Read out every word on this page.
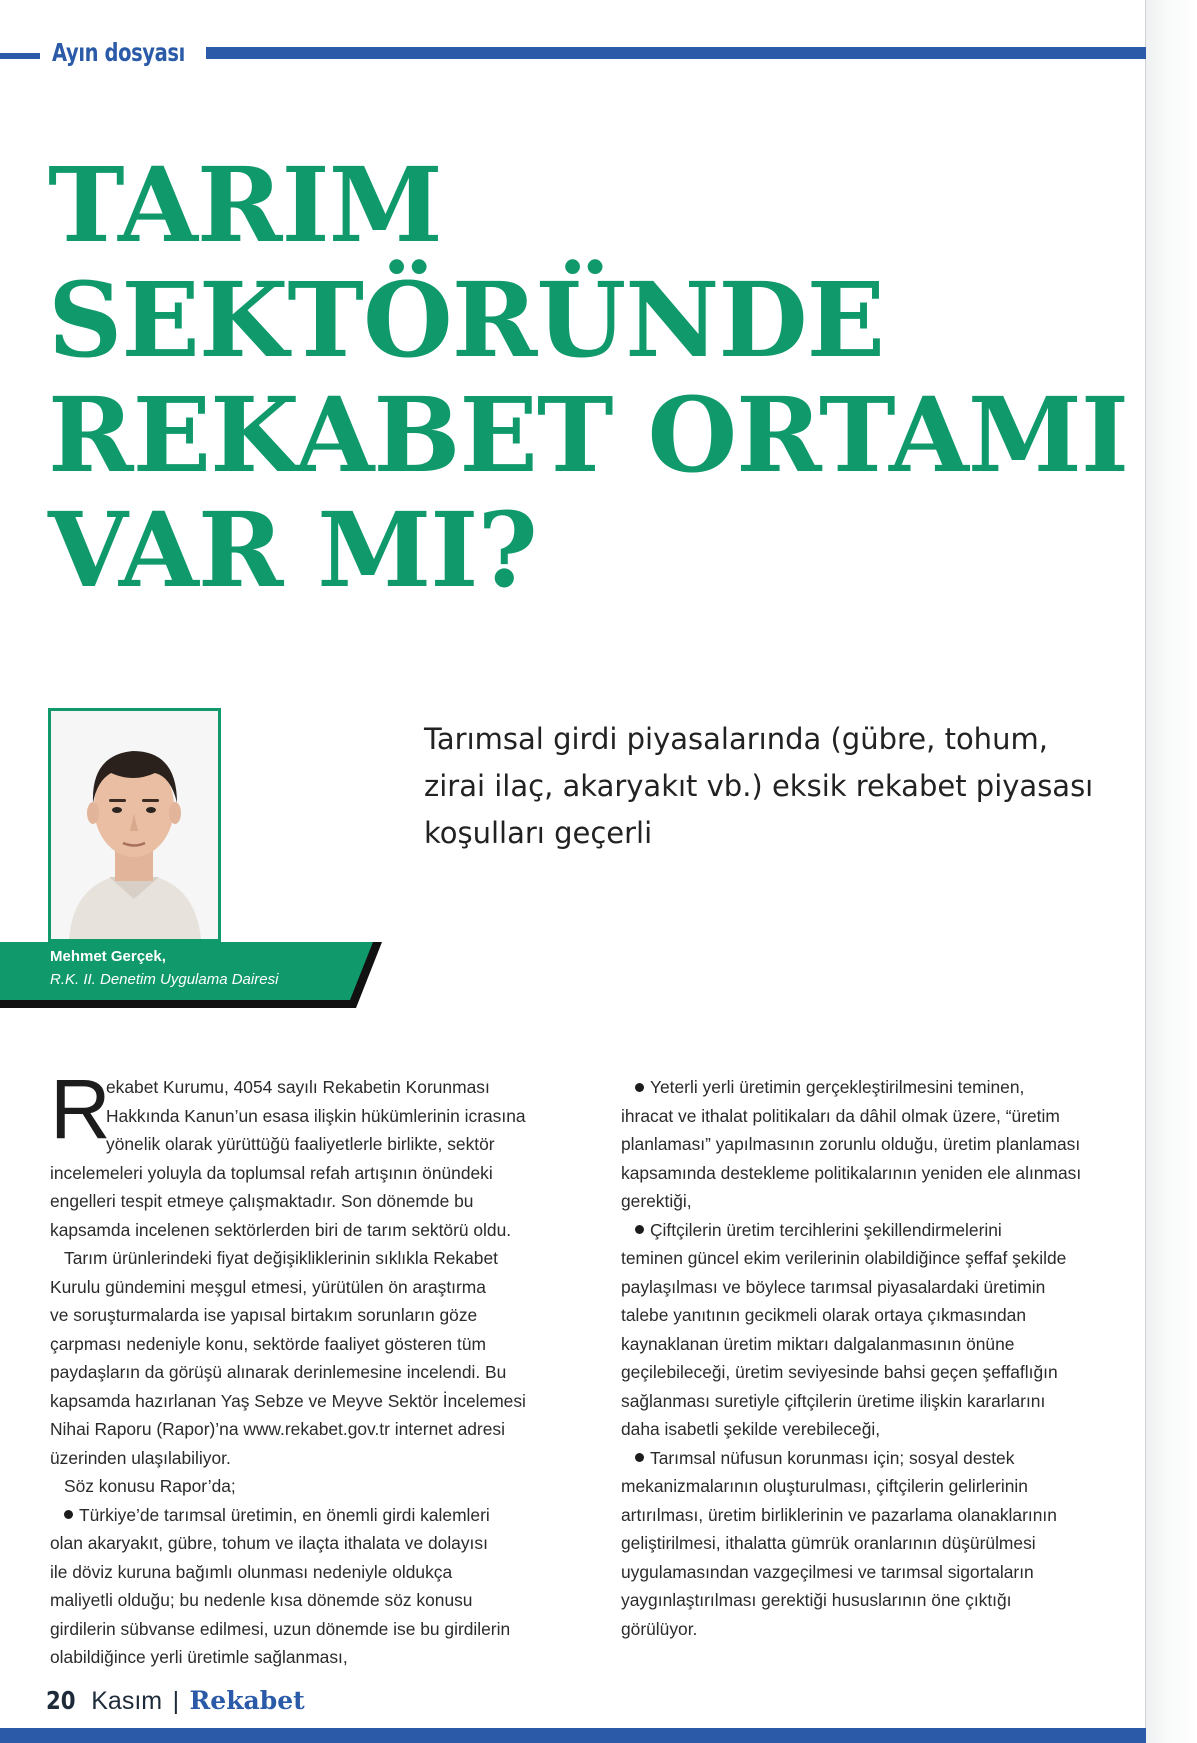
Ayın dosyası
TARIM
SEKTÖRÜNDE
REKABET ORTAMI
VAR MI?
Mehmet Gerçek,
R.K. II. Denetim Uygulama Dairesi

Tarımsal girdi piyasalarında (gübre, tohum,
zirai ilaç, akaryakıt vb.) eksik rekabet piyasası
koşulları geçerli

R
ekabet Kurumu, 4054 sayılı Rekabetin Korunması
Hakkında Kanun’un esasa ilişkin hükümlerinin icrasına
yönelik olarak yürüttüğü faaliyetlerle birlikte, sektör
incelemeleri yoluyla da toplumsal refah artışının önündeki
engelleri tespit etmeye çalışmaktadır. Son dönemde bu
kapsamda incelenen sektörlerden biri de tarım sektörü oldu.
Tarım ürünlerindeki fiyat değişikliklerinin sıklıkla Rekabet
Kurulu gündemini meşgul etmesi, yürütülen ön araştırma
ve soruşturmalarda ise yapısal birtakım sorunların göze
çarpması nedeniyle konu, sektörde faaliyet gösteren tüm
paydaşların da görüşü alınarak derinlemesine incelendi. Bu
kapsamda hazırlanan Yaş Sebze ve Meyve Sektör İncelemesi
Nihai Raporu (Rapor)’na www.rekabet.gov.tr internet adresi
üzerinden ulaşılabiliyor.
Söz konusu Rapor’da;
Türkiye’de tarımsal üretimin, en önemli girdi kalemleri
olan akaryakıt, gübre, tohum ve ilaçta ithalata ve dolayısı
ile döviz kuruna bağımlı olunması nedeniyle oldukça
maliyetli olduğu; bu nedenle kısa dönemde söz konusu
girdilerin sübvanse edilmesi, uzun dönemde ise bu girdilerin
olabildiğince yerli üretimle sağlanması,
Yeterli yerli üretimin gerçekleştirilmesini teminen,
ihracat ve ithalat politikaları da dâhil olmak üzere, “üretim
planlaması” yapılmasının zorunlu olduğu, üretim planlaması
kapsamında destekleme politikalarının yeniden ele alınması
gerektiği,
Çiftçilerin üretim tercihlerini şekillendirmelerini
teminen güncel ekim verilerinin olabildiğince şeffaf şekilde
paylaşılması ve böylece tarımsal piyasalardaki üretimin
talebe yanıtının gecikmeli olarak ortaya çıkmasından
kaynaklanan üretim miktarı dalgalanmasının önüne
geçilebileceği, üretim seviyesinde bahsi geçen şeffaflığın
sağlanması suretiyle çiftçilerin üretime ilişkin kararlarını
daha isabetli şekilde verebileceği,
Tarımsal nüfusun korunması için; sosyal destek
mekanizmalarının oluşturulması, çiftçilerin gelirlerinin
artırılması, üretim birliklerinin ve pazarlama olanaklarının
geliştirilmesi, ithalatta gümrük oranlarının düşürülmesi
uygulamasından vazgeçilmesi ve tarımsal sigortaların
yaygınlaştırılması gerektiği hususlarının öne çıktığı
görülüyor.
20 Kasım | Rekabet
